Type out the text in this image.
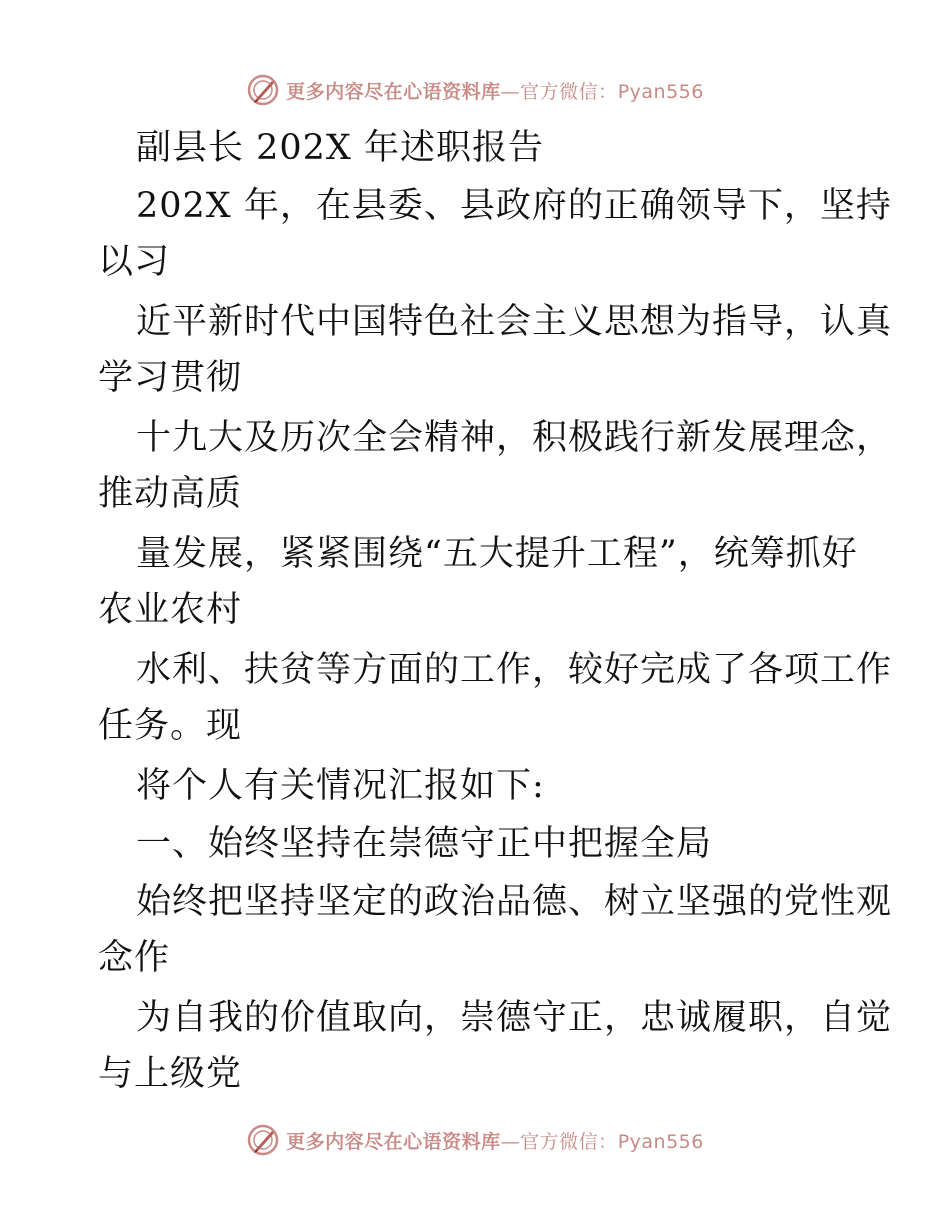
更多内容尽在心语资料库—官方微信：Pyan556
副县长 202X 年述职报告
202X 年，在县委、县政府的正确领导下，坚持
以习
近平新时代中国特色社会主义思想为指导，认真
学习贯彻
十九大及历次全会精神，积极践行新发展理念，
推动高质
量发展，紧紧围绕“五大提升工程”，统筹抓好
农业农村
水利、扶贫等方面的工作，较好完成了各项工作
任务。现
将个人有关情况汇报如下:
一、始终坚持在崇德守正中把握全局
始终把坚持坚定的政治品德、树立坚强的党性观
念作
为自我的价值取向，崇德守正，忠诚履职，自觉
与上级党
更多内容尽在心语资料库—官方微信：Pyan556
